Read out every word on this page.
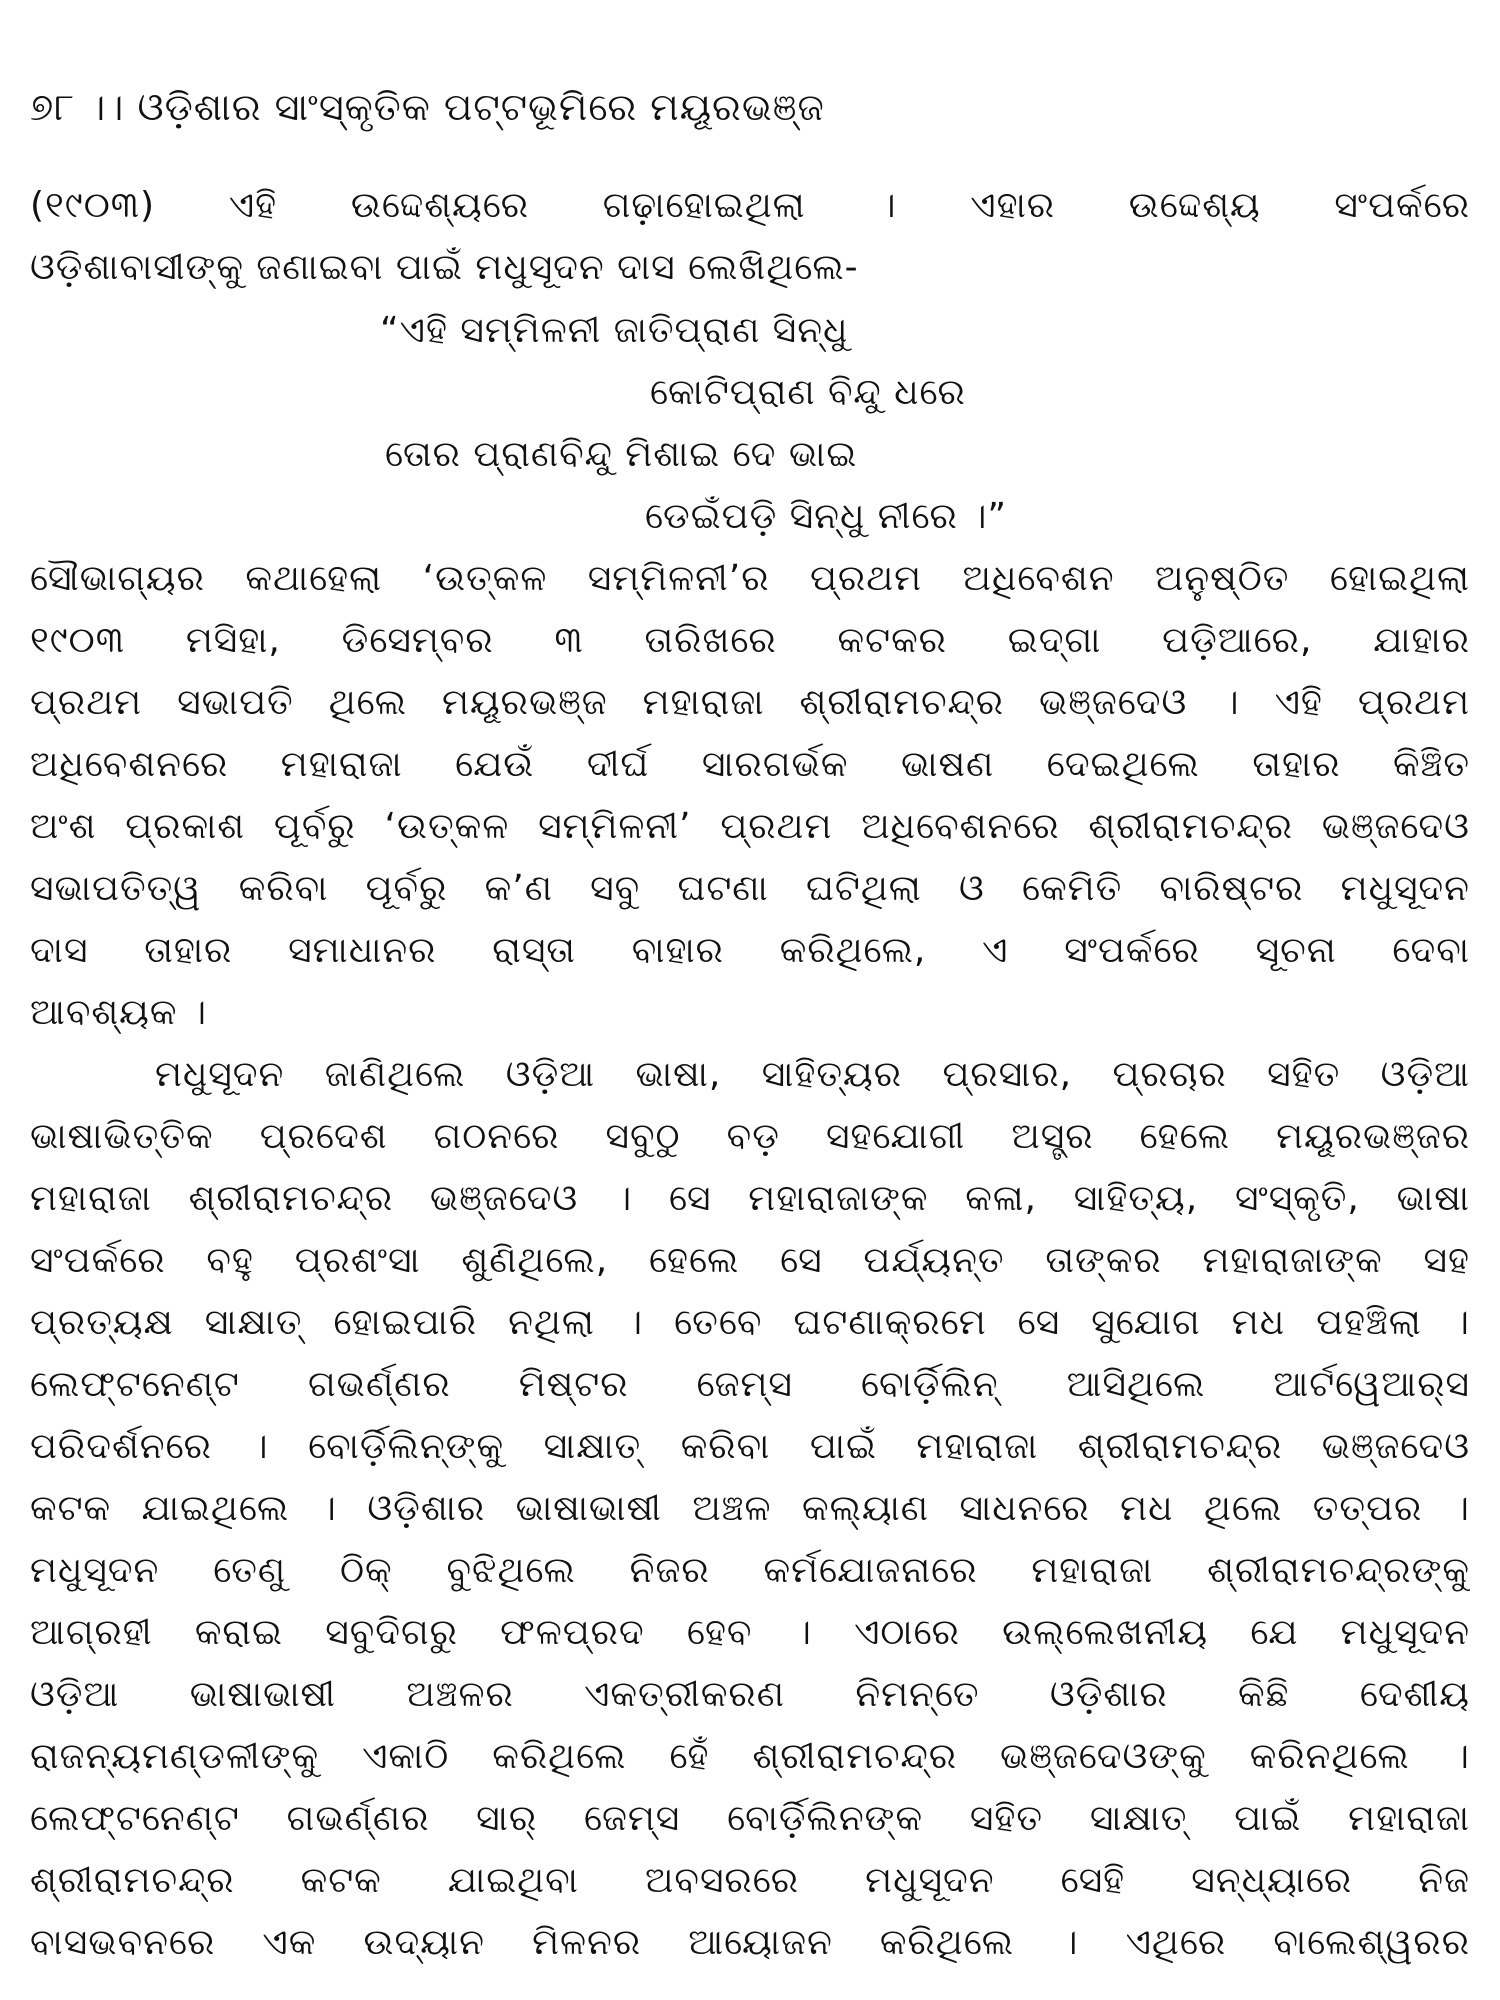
୭୮ ।। ଓଡ଼ିଶାର ସାଂସ୍କୃତିକ ପଟ୍ଟଭୂମିରେ ମୟୂରଭଞ୍ଜ
(୧୯୦୩) ଏହି ଉଦ୍ଦେଶ୍ୟରେ ଗଢ଼ାହୋଇଥିଲା । ଏହାର ଉଦ୍ଦେଶ୍ୟ ସଂପର୍କରେ
ଓଡ଼ିଶାବାସୀଙ୍କୁ ଜଣାଇବା ପାଇଁ ମଧୁସୂଦନ ଦାସ ଲେଖିଥିଲେ-
“ଏହି ସମ୍ମିଳନୀ ଜାତିପ୍ରାଣ ସିନ୍ଧୁ
କୋଟିପ୍ରାଣ ବିନ୍ଦୁ ଧରେ
ତୋର ପ୍ରାଣବିନ୍ଦୁ ମିଶାଇ ଦେ ଭାଇ
ଡେଇଁପଡ଼ି ସିନ୍ଧୁ ନୀରେ ।”
ସୌଭାଗ୍ୟର କଥାହେଲା ‘ଉତ୍କଳ ସମ୍ମିଳନୀ’ର ପ୍ରଥମ ଅଧିବେଶନ ଅନୁଷ୍ଠିତ ହୋଇଥିଲା
୧୯୦୩ ମସିହା, ଡିସେମ୍ବର ୩ ତାରିଖରେ କଟକର ଇଦ୍‌ଗା ପଡ଼ିଆରେ, ଯାହାର
ପ୍ରଥମ ସଭାପତି ଥିଲେ ମୟୂରଭଞ୍ଜ ମହାରାଜା ଶ୍ରୀରାମଚନ୍ଦ୍ର ଭଞ୍ଜଦେଓ । ଏହି ପ୍ରଥମ
ଅଧିବେଶନରେ ମହାରାଜା ଯେଉଁ ଦୀର୍ଘ ସାରଗର୍ଭକ ଭାଷଣ ଦେଇଥିଲେ ତାହାର କିଞ୍ଚିତ
ଅଂଶ ପ୍ରକାଶ ପୂର୍ବରୁ ‘ଉତ୍କଳ ସମ୍ମିଳନୀ’ ପ୍ରଥମ ଅଧିବେଶନରେ ଶ୍ରୀରାମଚନ୍ଦ୍ର ଭଞ୍ଜଦେଓ
ସଭାପତିତ୍ୱ କରିବା ପୂର୍ବରୁ କ’ଣ ସବୁ ଘଟଣା ଘଟିଥିଲା ଓ କେମିତି ବାରିଷ୍ଟର ମଧୁସୂଦନ
ଦାସ ତାହାର ସମାଧାନର ରାସ୍ତା ବାହାର କରିଥିଲେ, ଏ ସଂପର୍କରେ ସୂଚନା ଦେବା
ଆବଶ୍ୟକ ।
ମଧୁସୂଦନ ଜାଣିଥିଲେ ଓଡ଼ିଆ ଭାଷା, ସାହିତ୍ୟର ପ୍ରସାର, ପ୍ରଚାର ସହିତ ଓଡ଼ିଆ
ଭାଷାଭିତ୍ତିକ ପ୍ରଦେଶ ଗଠନରେ ସବୁଠୁ ବଡ଼ ସହଯୋଗୀ ଅସ୍ତ୍ର ହେଲେ ମୟୂରଭଞ୍ଜର
ମହାରାଜା ଶ୍ରୀରାମଚନ୍ଦ୍ର ଭଞ୍ଜଦେଓ । ସେ ମହାରାଜାଙ୍କ କଳା, ସାହିତ୍ୟ, ସଂସ୍କୃତି, ଭାଷା
ସଂପର୍କରେ ବହୁ ପ୍ରଶଂସା ଶୁଣିଥିଲେ, ହେଲେ ସେ ପର୍ଯ୍ୟନ୍ତ ତାଙ୍କର ମହାରାଜାଙ୍କ ସହ
ପ୍ରତ୍ୟକ୍ଷ ସାକ୍ଷାତ୍ ହୋଇପାରି ନଥିଲା । ତେବେ ଘଟଣାକ୍ରମେ ସେ ସୁଯୋଗ ମଧ ପହଞ୍ଚିଲା ।
ଲେଫ୍‌ଟନେଣ୍ଟ ଗଭର୍ଣ୍ଣର ମିଷ୍ଟର ଜେମ୍‌ସ ବୋର୍ଡ଼ିଲିନ୍ ଆସିଥିଲେ ଆର୍ଟୱେଆର୍‌ସ
ପରିଦର୍ଶନରେ । ବୋର୍ଡ଼ିଲିନ୍‌ଙ୍କୁ ସାକ୍ଷାତ୍ କରିବା ପାଇଁ ମହାରାଜା ଶ୍ରୀରାମଚନ୍ଦ୍ର ଭଞ୍ଜଦେଓ
କଟକ ଯାଇଥିଲେ । ଓଡ଼ିଶାର ଭାଷାଭାଷୀ ଅଞ୍ଚଳ କଲ୍ୟାଣ ସାଧନରେ ମଧ ଥିଲେ ତତ୍ପର ।
ମଧୁସୂଦନ ତେଣୁ ଠିକ୍ ବୁଝିଥିଲେ ନିଜର କର୍ମଯୋଜନାରେ ମହାରାଜା ଶ୍ରୀରାମଚନ୍ଦ୍ରଙ୍କୁ
ଆଗ୍ରହୀ କରାଇ ସବୁଦିଗରୁ ଫଳପ୍ରଦ ହେବ । ଏଠାରେ ଉଲ୍ଲେଖନୀୟ ଯେ ମଧୁସୂଦନ
ଓଡ଼ିଆ ଭାଷାଭାଷୀ ଅଞ୍ଚଳର ଏକତ୍ରୀକରଣ ନିମନ୍ତେ ଓଡ଼ିଶାର କିଛି ଦେଶୀୟ
ରାଜନ୍ୟମଣ୍ଡଳୀଙ୍କୁ ଏକାଠି କରିଥିଲେ ହେଁ ଶ୍ରୀରାମଚନ୍ଦ୍ର ଭଞ୍ଜଦେଓଙ୍କୁ କରିନଥିଲେ ।
ଲେଫ୍‌ଟନେଣ୍ଟ ଗଭର୍ଣ୍ଣର ସାର୍ ଜେମ୍‌ସ ବୋର୍ଡ଼ିଲିନଙ୍କ ସହିତ ସାକ୍ଷାତ୍ ପାଇଁ ମହାରାଜା
ଶ୍ରୀରାମଚନ୍ଦ୍ର କଟକ ଯାଇଥିବା ଅବସରରେ ମଧୁସୂଦନ ସେହି ସନ୍ଧ୍ୟାରେ ନିଜ
ବାସଭବନରେ ଏକ ଉଦ୍ୟାନ ମିଳନର ଆୟୋଜନ କରିଥିଲେ । ଏଥିରେ ବାଲେଶ୍ୱରର
